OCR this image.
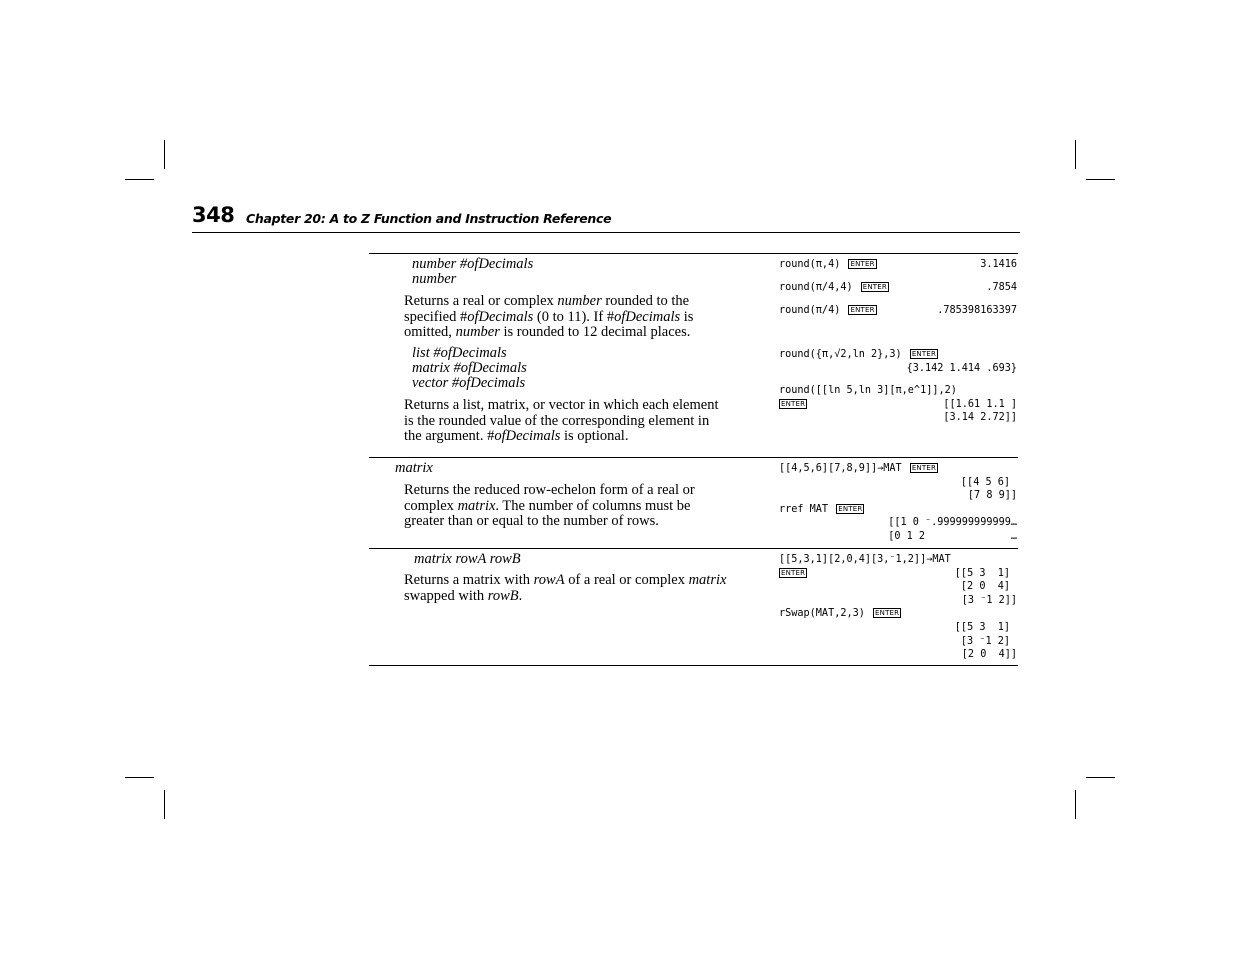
348 Chapter 20: A to Z Function and Instruction Reference
number #ofDecimals
number
Returns a real or complex number rounded to the
specified #ofDecimals (0 to 11). If #ofDecimals is
omitted, number is rounded to 12 decimal places.
list #ofDecimals
matrix #ofDecimals
vector #ofDecimals
Returns a list, matrix, or vector in which each element
is the rounded value of the corresponding element in
the argument. #ofDecimals is optional.
round(π,4) ENTER	3.1416
round(π/4,4) ENTER	.7854
round(π/4) ENTER	.785398163397
round({π,√2,ln 2},3) ENTER
{3.142 1.414 .693}
round([[ln 5,ln 3][π,e^1]],2)
ENTER	[[1.61 1.1 ]
[3.14 2.72]]
matrix
Returns the reduced row-echelon form of a real or
complex matrix. The number of columns must be
greater than or equal to the number of rows.
[[4,5,6][7,8,9]]→MAT ENTER
[[4 5 6]
[7 8 9]]
rref MAT ENTER
[[1 0 ⁻.999999999999…
[0 1 2              …
matrix rowA rowB
Returns a matrix with rowA of a real or complex matrix
swapped with rowB.
[[5,3,1][2,0,4][3,⁻1,2]]→MAT
ENTER	[[5 3  1]
[2 0  4]
[3 ⁻1 2]]
rSwap(MAT,2,3) ENTER
[[5 3  1]
[3 ⁻1 2]
[2 0  4]]
